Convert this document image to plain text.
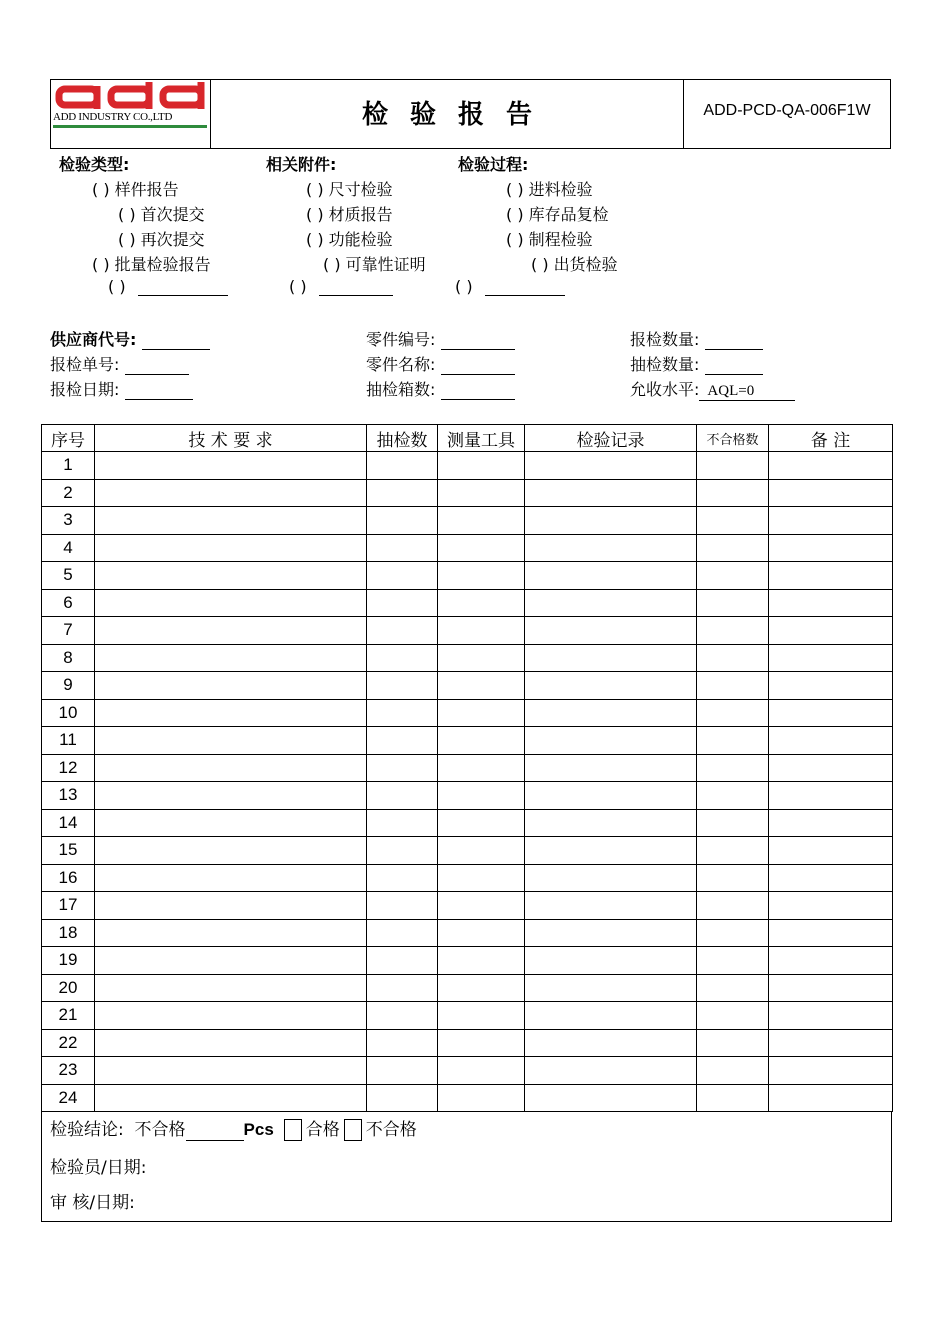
ADD INDUSTRY CO.,LTD	检验报告	ADD-PCD-QA-006F1W
检验类型:
( ) 样件报告
( ) 首次提交
( ) 再次提交
( ) 批量检验报告
( )
相关附件:
( ) 尺寸检验
( ) 材质报告
( ) 功能检验
( ) 可靠性证明
( )
检验过程:
( ) 进料检验
( ) 库存品复检
( ) 制程检验
( ) 出货检验
( )
供应商代号:
报检单号:
报检日期:
零件编号:
零件名称:
抽检箱数:
报检数量:
抽检数量:
允收水平: AQL=0
序号	技 术 要 求	抽检数	测量工具	检验记录	不合格数	备 注
1						
2						
3						
4						
5						
6						
7						
8						
9						
10						
11						
12						
13						
14						
15						
16						
17						
18						
19						
20						
21						
22						
23						
24						
检验结论: 不合格	Pcs 合格 不合格
检验员/日期:
审 核/日期:
